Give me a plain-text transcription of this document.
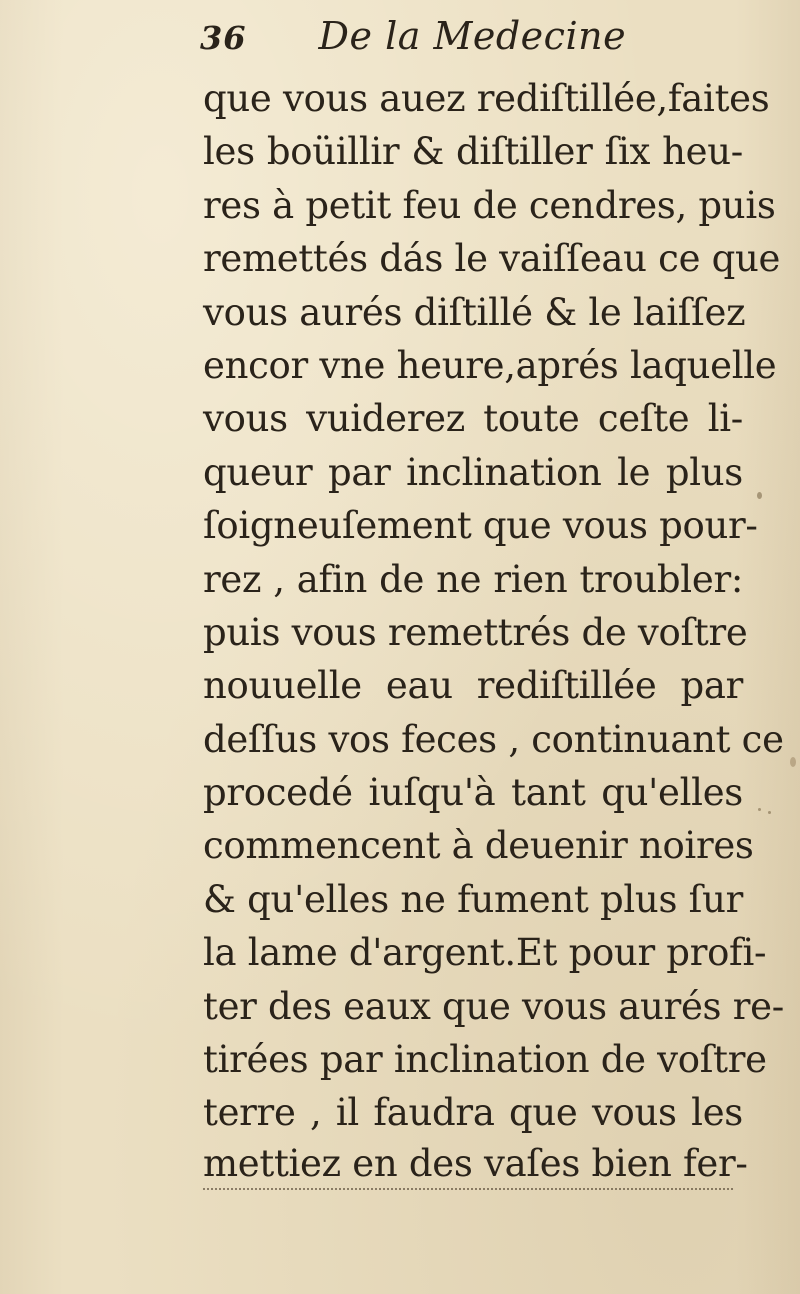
36 De la Medecine
que vous auez rediſtillée,faites
les boüillir & diſtiller ſix heu-
res à petit feu de cendres, puis
remettés dás le vaiſſeau ce que
vous aurés diſtillé & le laiſſez
encor vne heure,aprés laquelle
vous vuiderez toute ceſte li-
queur par inclination le plus
ſoigneuſement que vous pour-
rez , afin de ne rien troubler:
puis vous remettrés de voſtre
nouuelle eau rediſtillée par
deſſus vos feces , continuant ce
procedé iuſqu'à tant qu'elles
commencent à deuenir noires
& qu'elles ne fument plus ſur
la lame d'argent.Et pour profi-
ter des eaux que vous aurés re-
tirées par inclination de voſtre
terre , il faudra que vous les
mettiez en des vaſes bien fer-
